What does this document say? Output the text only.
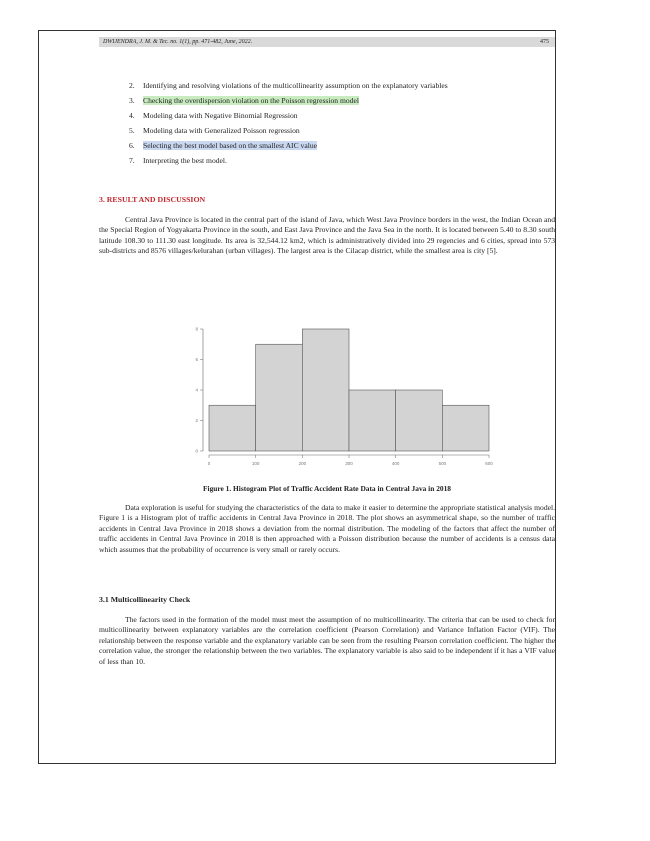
DWIJENDRA, J. M. & Tec. no. 1(1), pp. 471-482, June, 2022.	475
2. Identifying and resolving violations of the multicollinearity assumption on the explanatory variables
3. Checking the overdispersion violation on the Poisson regression model
4. Modeling data with Negative Binomial Regression
5. Modeling data with Generalized Poisson regression
6. Selecting the best model based on the smallest AIC value
7. Interpreting the best model.
3. RESULT AND DISCUSSION
Central Java Province is located in the central part of the island of Java, which West Java Province borders in the west, the Indian Ocean and the Special Region of Yogyakarta Province in the south, and East Java Province and the Java Sea in the north. It is located between 5.40 to 8.30 south latitude 108.30 to 111.30 east longitude. Its area is 32,544.12 km2, which is administratively divided into 29 regencies and 6 cities, spread into 573 sub-districts and 8576 villages/kelurahan (urban villages). The largest area is the Cilacap district, while the smallest area is city [5].
0	100	200	300	400	500	600
0
2
4
6
8
Figure 1. Histogram Plot of Traffic Accident Rate Data in Central Java in 2018
Data exploration is useful for studying the characteristics of the data to make it easier to determine the appropriate statistical analysis model. Figure 1 is a Histogram plot of traffic accidents in Central Java Province in 2018. The plot shows an asymmetrical shape, so the number of traffic accidents in Central Java Province in 2018 shows a deviation from the normal distribution. The modeling of the factors that affect the number of traffic accidents in Central Java Province in 2018 is then approached with a Poisson distribution because the number of accidents is a census data which assumes that the probability of occurrence is very small or rarely occurs.
3.1 Multicollinearity Check
The factors used in the formation of the model must meet the assumption of no multicollinearity. The criteria that can be used to check for multicollinearity between explanatory variables are the correlation coefficient (Pearson Correlation) and Variance Inflation Factor (VIF). The relationship between the response variable and the explanatory variable can be seen from the resulting Pearson correlation coefficient. The higher the correlation value, the stronger the relationship between the two variables. The explanatory variable is also said to be independent if it has a VIF value of less than 10.
